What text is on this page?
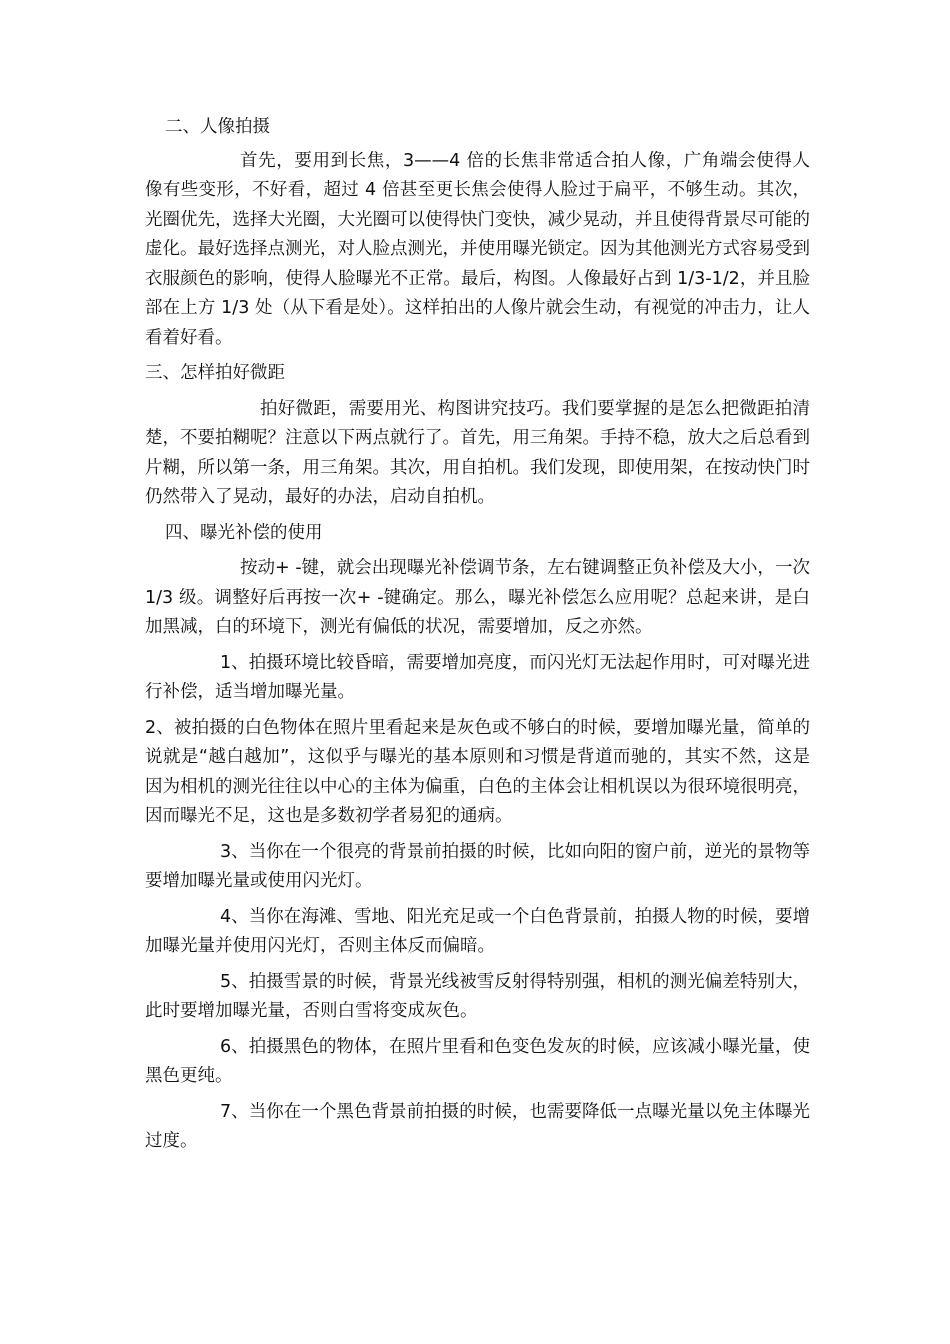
二、人像拍摄

首先，要用到长焦，3——4 倍的长焦非常适合拍人像，广角端会使得人像有些变形，不好看，超过 4 倍甚至更长焦会使得人脸过于扁平，不够生动。其次，光圈优先，选择大光圈，大光圈可以使得快门变快，减少晃动，并且使得背景尽可能的虚化。最好选择点测光，对人脸点测光，并使用曝光锁定。因为其他测光方式容易受到衣服颜色的影响，使得人脸曝光不正常。最后，构图。人像最好占到 1/3-1/2，并且脸部在上方 1/3 处（从下看是处）。这样拍出的人像片就会生动，有视觉的冲击力，让人看着好看。

三、怎样拍好微距

拍好微距，需要用光、构图讲究技巧。我们要掌握的是怎么把微距拍清楚，不要拍糊呢？注意以下两点就行了。首先，用三角架。手持不稳，放大之后总看到片糊，所以第一条，用三角架。其次，用自拍机。我们发现，即使用架，在按动快门时仍然带入了晃动，最好的办法，启动自拍机。

四、曝光补偿的使用

按动+ -键，就会出现曝光补偿调节条，左右键调整正负补偿及大小，一次 1/3 级。调整好后再按一次+ -键确定。那么，曝光补偿怎么应用呢？总起来讲，是白加黑减，白的环境下，测光有偏低的状况，需要增加，反之亦然。

1、拍摄环境比较昏暗，需要增加亮度，而闪光灯无法起作用时，可对曝光进行补偿，适当增加曝光量。

2、被拍摄的白色物体在照片里看起来是灰色或不够白的时候，要增加曝光量，简单的说就是“越白越加”，这似乎与曝光的基本原则和习惯是背道而驰的，其实不然，这是因为相机的测光往往以中心的主体为偏重，白色的主体会让相机误以为很环境很明亮，因而曝光不足，这也是多数初学者易犯的通病。

3、当你在一个很亮的背景前拍摄的时候，比如向阳的窗户前，逆光的景物等要增加曝光量或使用闪光灯。

4、当你在海滩、雪地、阳光充足或一个白色背景前，拍摄人物的时候，要增加曝光量并使用闪光灯，否则主体反而偏暗。

5、拍摄雪景的时候，背景光线被雪反射得特别强，相机的测光偏差特别大，此时要增加曝光量，否则白雪将变成灰色。

6、拍摄黑色的物体，在照片里看和色变色发灰的时候，应该减小曝光量，使黑色更纯。

7、当你在一个黑色背景前拍摄的时候，也需要降低一点曝光量以免主体曝光过度。
